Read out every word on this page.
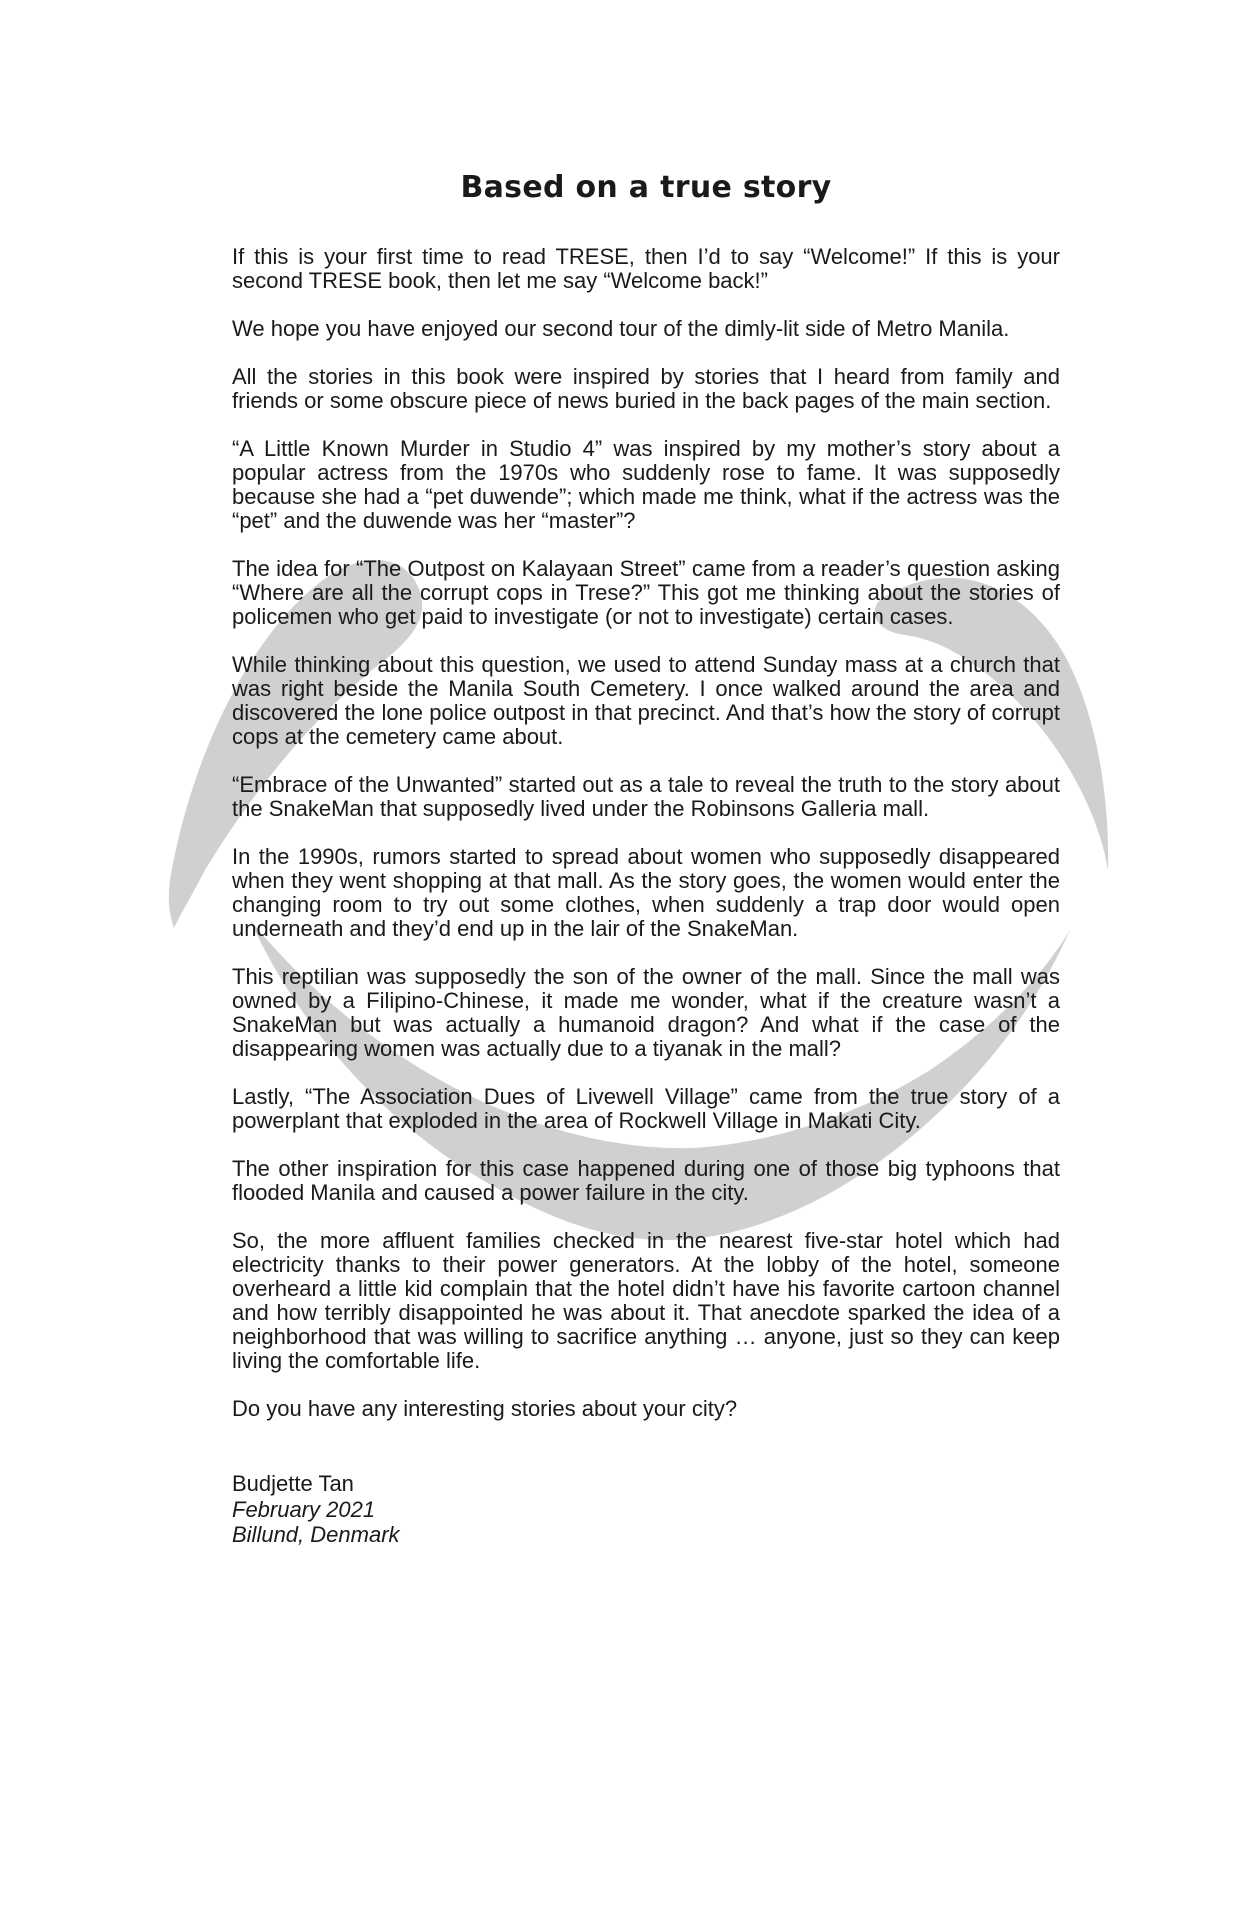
Based on a true story

If this is your first time to read TRESE, then I’d to say “Welcome!” If this is your second TRESE book, then let me say “Welcome back!”

We hope you have enjoyed our second tour of the dimly-lit side of Metro Manila.

All the stories in this book were inspired by stories that I heard from family and friends or some obscure piece of news buried in the back pages of the main section.

“A Little Known Murder in Studio 4” was inspired by my mother’s story about a popular actress from the 1970s who suddenly rose to fame. It was supposedly because she had a “pet duwende”; which made me think, what if the actress was the “pet” and the duwende was her “master”?

The idea for “The Outpost on Kalayaan Street” came from a reader’s question asking “Where are all the corrupt cops in Trese?” This got me thinking about the stories of policemen who get paid to investigate (or not to investigate) certain cases.

While thinking about this question, we used to attend Sunday mass at a church that was right beside the Manila South Cemetery. I once walked around the area and discovered the lone police outpost in that precinct. And that’s how the story of corrupt cops at the cemetery came about.

“Embrace of the Unwanted” started out as a tale to reveal the truth to the story about the SnakeMan that supposedly lived under the Robinsons Galleria mall.

In the 1990s, rumors started to spread about women who supposedly disappeared when they went shopping at that mall. As the story goes, the women would enter the changing room to try out some clothes, when suddenly a trap door would open underneath and they’d end up in the lair of the SnakeMan.

This reptilian was supposedly the son of the owner of the mall. Since the mall was owned by a Filipino-Chinese, it made me wonder, what if the creature wasn’t a SnakeMan but was actually a humanoid dragon? And what if the case of the disappearing women was actually due to a tiyanak in the mall?

Lastly, “The Association Dues of Livewell Village” came from the true story of a powerplant that exploded in the area of Rockwell Village in Makati City.

The other inspiration for this case happened during one of those big typhoons that flooded Manila and caused a power failure in the city.

So, the more affluent families checked in the nearest five-star hotel which had electricity thanks to their power generators. At the lobby of the hotel, someone overheard a little kid complain that the hotel didn’t have his favorite cartoon channel and how terribly disappointed he was about it. That anecdote sparked the idea of a neighborhood that was willing to sacrifice anything … anyone, just so they can keep living the comfortable life.

Do you have any interesting stories about your city?

Budjette Tan

February 2021

Billund, Denmark
